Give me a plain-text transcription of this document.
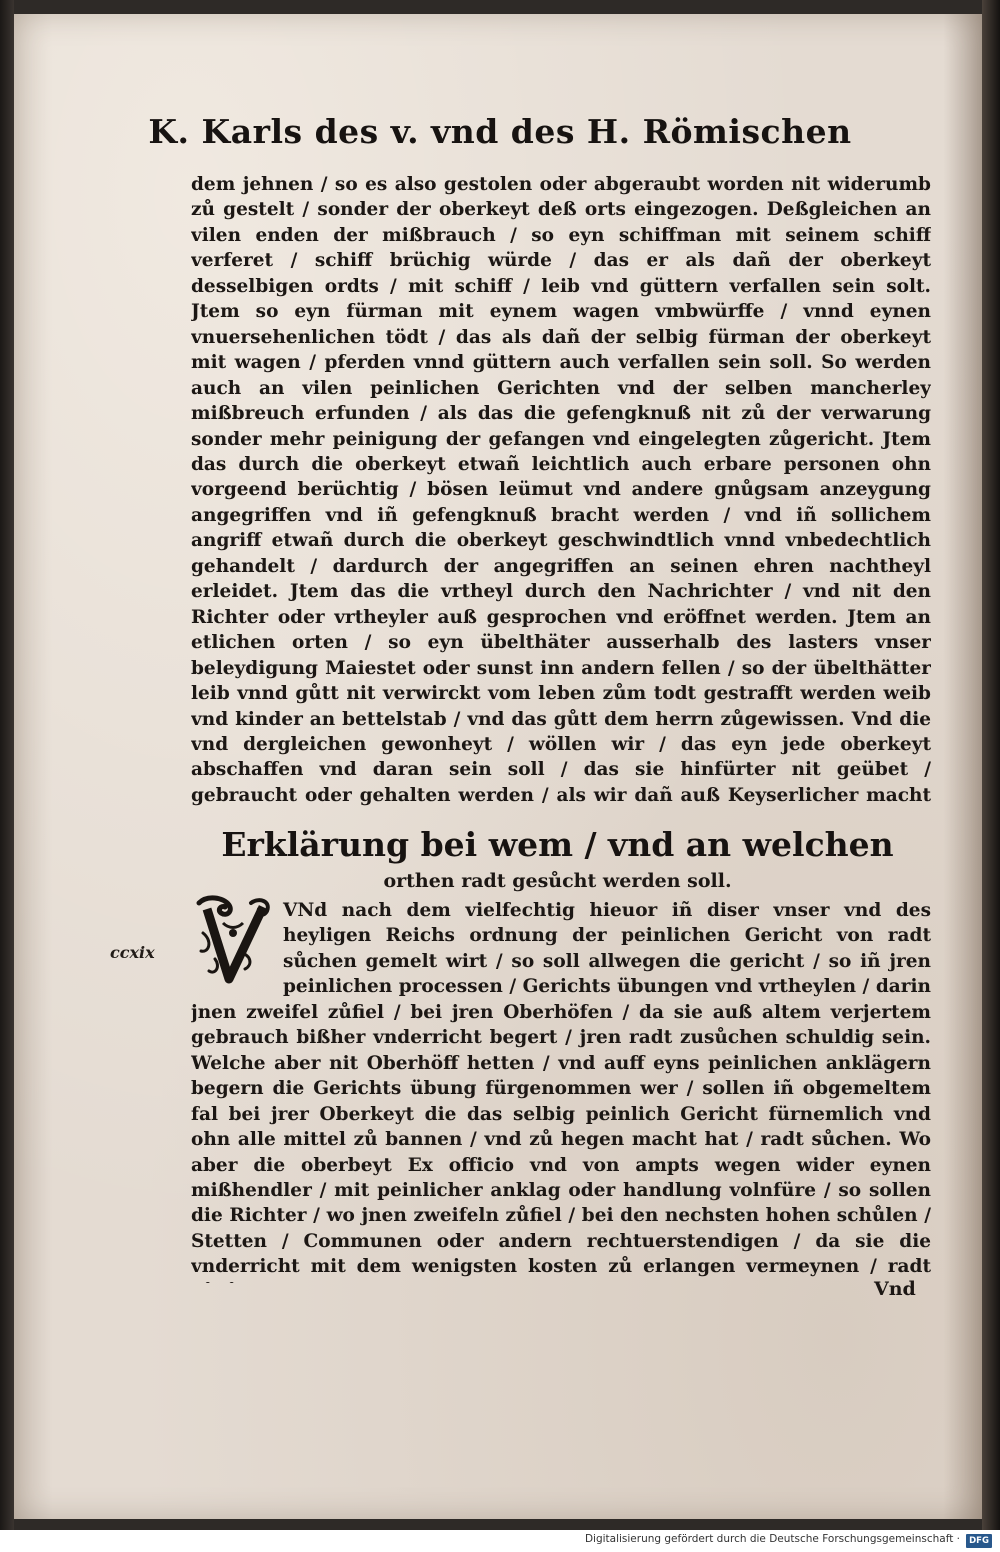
K. Karls des v. vnd des H. Römischen

dem jehnen / so es also gestolen oder abgeraubt worden nit widerumb zů gestelt / sonder der oberkeyt deß orts eingezogen. Deßgleichen an vilen enden der mißbrauch / so eyn schiffman mit seinem schiff verferet / schiff brüchig würde / das er als dañ der oberkeyt desselbigen ordts / mit schiff / leib vnd güttern verfallen sein solt. Jtem so eyn fürman mit eynem wagen vmbwürffe / vnnd eynen vnuersehenlichen tödt / das als dañ der selbig fürman der oberkeyt mit wagen / pferden vnnd güttern auch verfallen sein soll. So werden auch an vilen peinlichen Gerichten vnd der selben mancherley mißbreuch erfunden / als das die gefengknuß nit zů der verwarung sonder mehr peinigung der gefangen vnd eingelegten zůgericht. Jtem das durch die oberkeyt etwañ leichtlich auch erbare personen ohn vorgeend berüchtig / bösen leümut vnd andere gnůgsam anzeygung angegriffen vnd iñ gefengknuß bracht werden / vnd iñ sollichem angriff etwañ durch die oberkeyt geschwindtlich vnnd vnbedechtlich gehandelt / dardurch der angegriffen an seinen ehren nachtheyl erleidet. Jtem das die vrtheyl durch den Nachrichter / vnd nit den Richter oder vrtheyler auß gesprochen vnd eröffnet werden. Jtem an etlichen orten / so eyn übelthäter ausserhalb des lasters vnser beleydigung Maiestet oder sunst inn andern fellen / so der übelthätter leib vnnd gůtt nit verwirckt vom leben zům todt gestrafft werden weib vnd kinder an bettelstab / vnd das gůtt dem herrn zůgewissen. Vnd die vnd dergleichen gewonheyt / wöllen wir / das eyn jede oberkeyt abschaffen vnd daran sein soll / das sie hinfürter nit geübet / gebraucht oder gehalten werden / als wir dañ auß Keyserlicher macht

Erklärung bei wem / vnd an welchen
orthen radt gesůcht werden soll.
ccxix

VNd nach dem vielfechtig hieuor iñ diser vnser vnd des heyligen Reichs ordnung der peinlichen Gericht von radt sůchen gemelt wirt / so soll allwegen die gericht / so iñ jren peinlichen processen / Gerichts übungen vnd vrtheylen / darin jnen zweifel zůfiel / bei jren Oberhöfen / da sie auß altem verjertem gebrauch bißher vnderricht begert / jren radt zusůchen schuldig sein. Welche aber nit Oberhöff hetten / vnd auff eyns peinlichen anklägern begern die Gerichts übung fürgenommen wer / sollen iñ obgemeltem fal bei jrer Oberkeyt die das selbig peinlich Gericht fürnemlich vnd ohn alle mittel zů bannen / vnd zů hegen macht hat / radt sůchen. Wo aber die oberbeyt Ex officio vnd von ampts wegen wider eynen mißhendler / mit peinlicher anklag oder handlung volnfüre / so sollen die Richter / wo jnen zweifeln zůfiel / bei den nechsten hohen schůlen / Stetten / Communen oder andern rechtuerstendigen / da sie die vnderricht mit dem wenigsten kosten zů erlangen vermeynen / radt

Vnd
Digitalisierung gefördert durch die Deutsche Forschungsgemeinschaft ·	DFG
